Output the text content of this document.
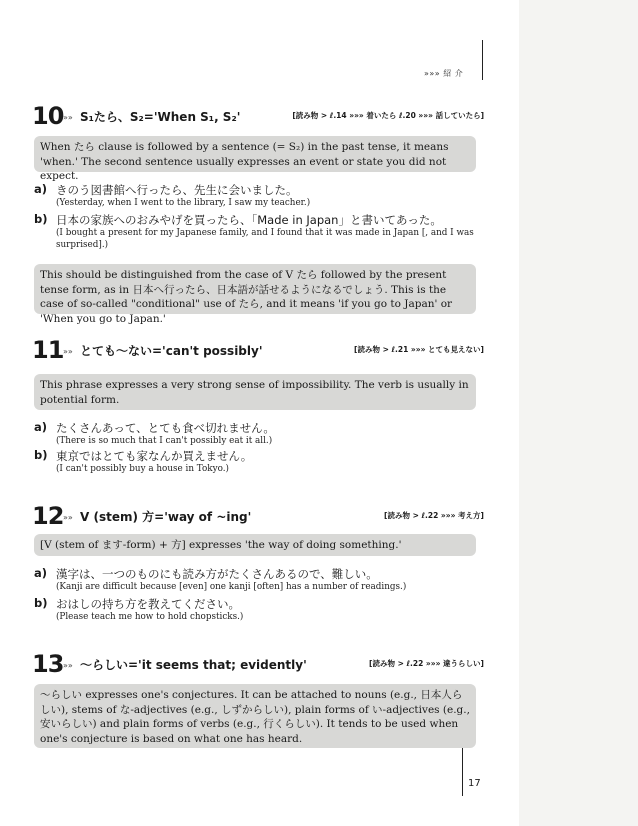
»»» 紹 介
10 »» S₁たら、S₂='When S₁, S₂'	[読み物 > ℓ.14 »»» 着いたら ℓ.20 »»» 話していたら]
When たら clause is followed by a sentence (= S₂) in the past tense, it means 'when.' The second sentence usually expresses an event or state you did not expect.
a) きのう図書館へ行ったら、先生に会いました。
(Yesterday, when I went to the library, I saw my teacher.)
b) 日本の家族へのおみやげを買ったら、「Made in Japan」と書いてあった。
(I bought a present for my Japanese family, and I found that it was made in Japan [, and I was surprised].)
This should be distinguished from the case of V たら followed by the present tense form, as in 日本へ行ったら、日本語が話せるようになるでしょう. This is the case of so-called "conditional" use of たら, and it means 'if you go to Japan' or 'When you go to Japan.'
11 »» とても〜ない='can't possibly'	[読み物 > ℓ.21 »»» とても見えない]
This phrase expresses a very strong sense of impossibility. The verb is usually in potential form.
a) たくさんあって、とても食べ切れません。
(There is so much that I can't possibly eat it all.)
b) 東京ではとても家なんか買えません。
(I can't possibly buy a house in Tokyo.)
12 »» V (stem) 方='way of ~ing'	[読み物 > ℓ.22 »»» 考え方]
[V (stem of ます-form) + 方] expresses 'the way of doing something.'
a) 漢字は、一つのものにも読み方がたくさんあるので、難しい。
(Kanji are difficult because [even] one kanji [often] has a number of readings.)
b) おはしの持ち方を教えてください。
(Please teach me how to hold chopsticks.)
13 »» 〜らしい='it seems that; evidently'	[読み物 > ℓ.22 »»» 違うらしい]
〜らしい expresses one's conjectures. It can be attached to nouns (e.g., 日本人らしい), stems of な-adjectives (e.g., しずからしい), plain forms of い-adjectives (e.g., 安いらしい) and plain forms of verbs (e.g., 行くらしい). It tends to be used when one's conjecture is based on what one has heard.
17
